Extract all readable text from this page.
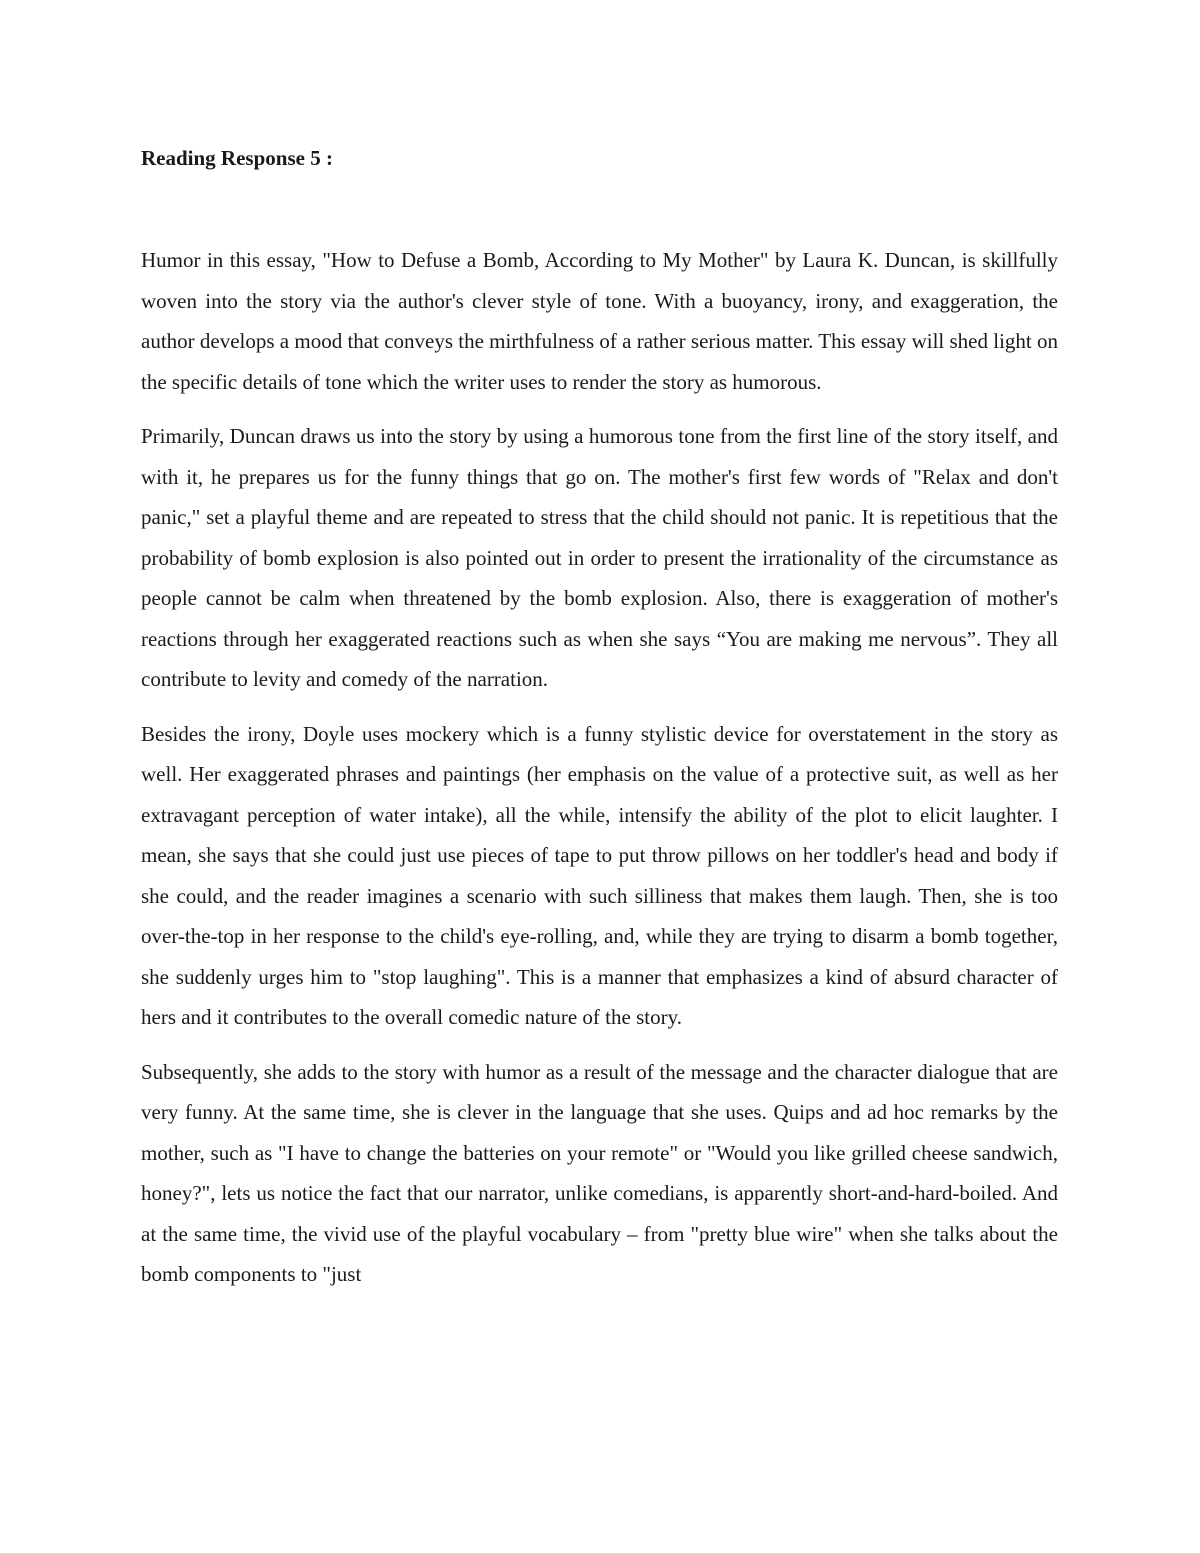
Reading Response 5 :

Humor in this essay, "How to Defuse a Bomb, According to My Mother" by Laura K. Duncan, is skillfully woven into the story via the author's clever style of tone. With a buoyancy, irony, and exaggeration, the author develops a mood that conveys the mirthfulness of a rather serious matter. This essay will shed light on the specific details of tone which the writer uses to render the story as humorous.

Primarily, Duncan draws us into the story by using a humorous tone from the first line of the story itself, and with it, he prepares us for the funny things that go on. The mother's first few words of "Relax and don't panic," set a playful theme and are repeated to stress that the child should not panic. It is repetitious that the probability of bomb explosion is also pointed out in order to present the irrationality of the circumstance as people cannot be calm when threatened by the bomb explosion. Also, there is exaggeration of mother's reactions through her exaggerated reactions such as when she says “You are making me nervous”. They all contribute to levity and comedy of the narration.

Besides the irony, Doyle uses mockery which is a funny stylistic device for overstatement in the story as well. Her exaggerated phrases and paintings (her emphasis on the value of a protective suit, as well as her extravagant perception of water intake), all the while, intensify the ability of the plot to elicit laughter. I mean, she says that she could just use pieces of tape to put throw pillows on her toddler's head and body if she could, and the reader imagines a scenario with such silliness that makes them laugh. Then, she is too over-the-top in her response to the child's eye-rolling, and, while they are trying to disarm a bomb together, she suddenly urges him to "stop laughing". This is a manner that emphasizes a kind of absurd character of hers and it contributes to the overall comedic nature of the story.

Subsequently, she adds to the story with humor as a result of the message and the character dialogue that are very funny. At the same time, she is clever in the language that she uses. Quips and ad hoc remarks by the mother, such as "I have to change the batteries on your remote" or "Would you like grilled cheese sandwich, honey?", lets us notice the fact that our narrator, unlike comedians, is apparently short-and-hard-boiled. And at the same time, the vivid use of the playful vocabulary – from "pretty blue wire" when she talks about the bomb components to "just
